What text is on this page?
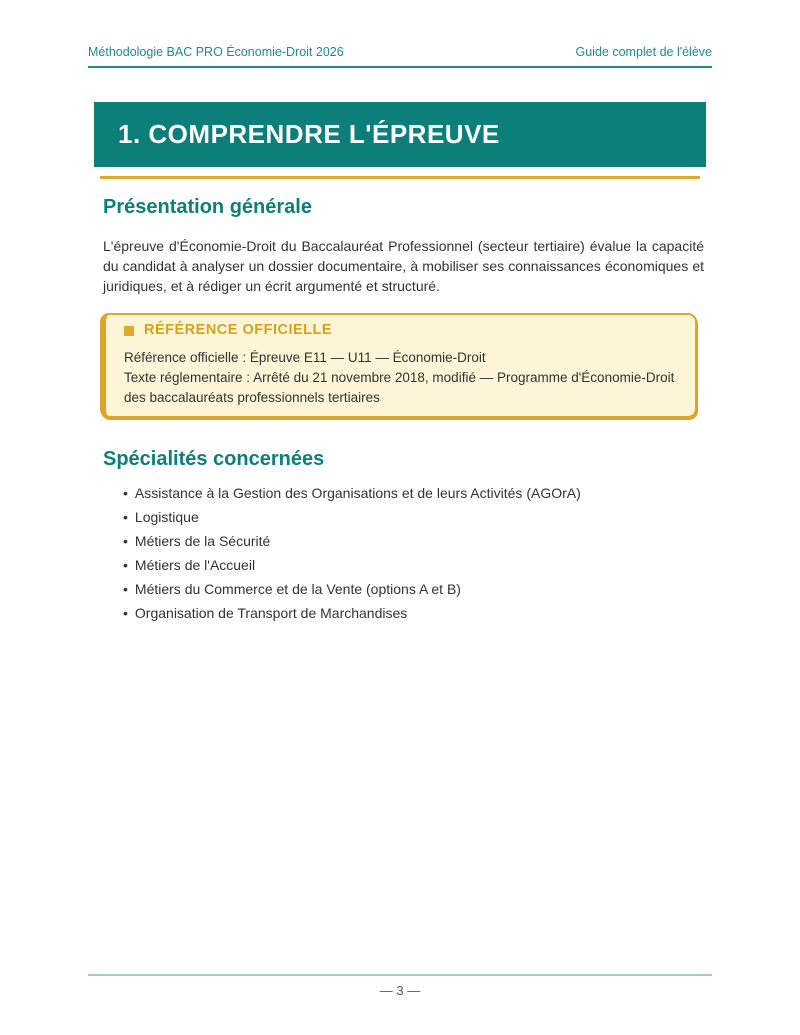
Méthodologie BAC PRO Économie-Droit 2026	Guide complet de l'élève
1. COMPRENDRE L'ÉPREUVE
Présentation générale

L'épreuve d'Économie-Droit du Baccalauréat Professionnel (secteur tertiaire) évalue la capacité du candidat à analyser un dossier documentaire, à mobiliser ses connaissances économiques et juridiques, et à rédiger un écrit argumenté et structuré.

RÉFÉRENCE OFFICIELLE

Référence officielle : Épreuve E11 — U11 — Économie-Droit

Texte réglementaire : Arrêté du 21 novembre 2018, modifié — Programme d'Économie-Droit des baccalauréats professionnels tertiaires

Spécialités concernées
• Assistance à la Gestion des Organisations et de leurs Activités (AGOrA)
• Logistique
• Métiers de la Sécurité
• Métiers de l'Accueil
• Métiers du Commerce et de la Vente (options A et B)
• Organisation de Transport de Marchandises
— 3 —
